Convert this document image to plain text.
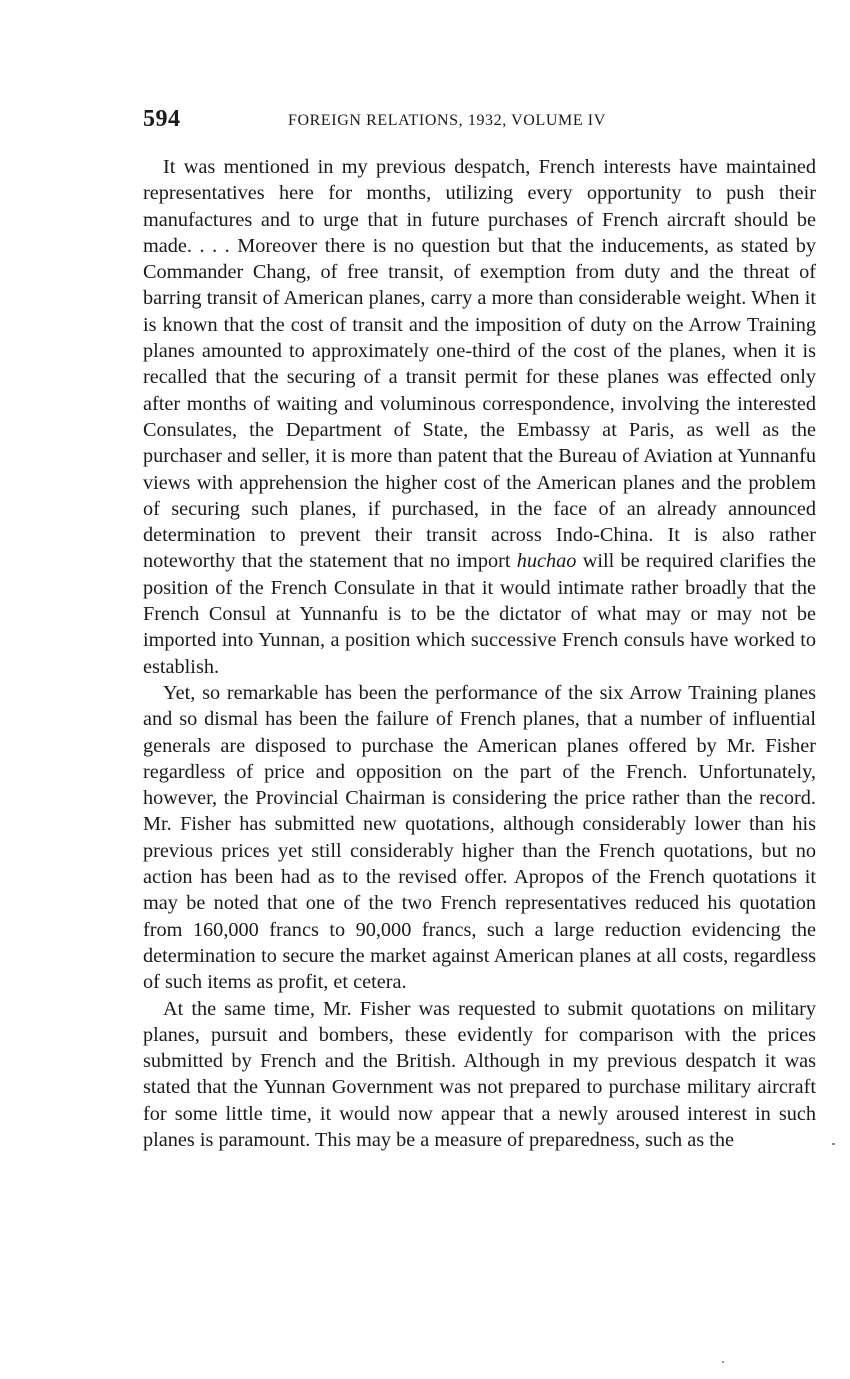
594	FOREIGN RELATIONS, 1932, VOLUME IV

It was mentioned in my previous despatch, French interests have maintained representatives here for months, utilizing every opportunity to push their manufactures and to urge that in future purchases of French aircraft should be made. . . . Moreover there is no question but that the inducements, as stated by Commander Chang, of free transit, of exemption from duty and the threat of barring transit of American planes, carry a more than considerable weight. When it is known that the cost of transit and the imposition of duty on the Arrow Training planes amounted to approximately one-third of the cost of the planes, when it is recalled that the securing of a transit permit for these planes was effected only after months of waiting and voluminous correspondence, involving the interested Consulates, the Department of State, the Embassy at Paris, as well as the purchaser and seller, it is more than patent that the Bureau of Aviation at Yunnanfu views with apprehension the higher cost of the American planes and the problem of securing such planes, if purchased, in the face of an already announced determination to prevent their transit across Indo-China. It is also rather noteworthy that the statement that no import huchao will be required clarifies the position of the French Consulate in that it would intimate rather broadly that the French Consul at Yunnanfu is to be the dictator of what may or may not be imported into Yunnan, a position which successive French consuls have worked to establish.

Yet, so remarkable has been the performance of the six Arrow Training planes and so dismal has been the failure of French planes, that a number of influential generals are disposed to purchase the American planes offered by Mr. Fisher regardless of price and opposition on the part of the French. Unfortunately, however, the Provincial Chairman is considering the price rather than the record. Mr. Fisher has submitted new quotations, although considerably lower than his previous prices yet still considerably higher than the French quotations, but no action has been had as to the revised offer. Apropos of the French quotations it may be noted that one of the two French representatives reduced his quotation from 160,000 francs to 90,000 francs, such a large reduction evidencing the determination to secure the market against American planes at all costs, regardless of such items as profit, et cetera.

At the same time, Mr. Fisher was requested to submit quotations on military planes, pursuit and bombers, these evidently for comparison with the prices submitted by French and the British. Although in my previous despatch it was stated that the Yunnan Government was not prepared to purchase military aircraft for some little time, it would now appear that a newly aroused interest in such planes is paramount. This may be a measure of preparedness, such as the
